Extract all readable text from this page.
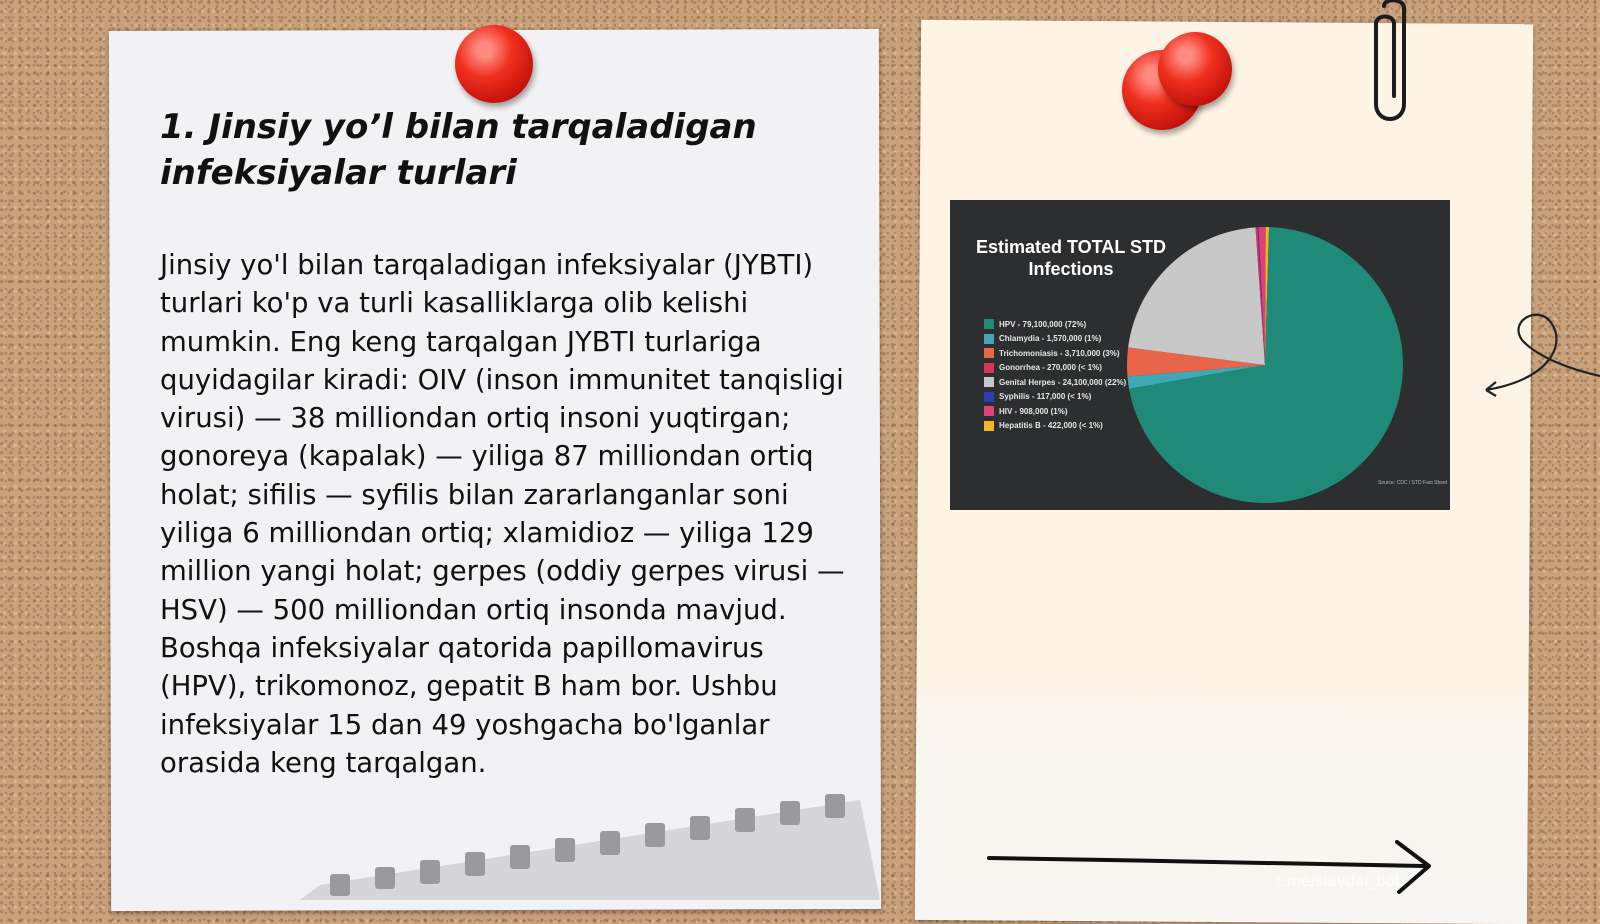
1. Jinsiy yo’l bilan tarqaladigan infeksiyalar turlari

Jinsiy yo'l bilan tarqaladigan infeksiyalar (JYBTI) turlari ko'p va turli kasalliklarga olib kelishi mumkin. Eng keng tarqalgan JYBTI turlariga quyidagilar kiradi: OIV (inson immunitet tanqisligi virusi) — 38 milliondan ortiq insoni yuqtirgan; gonoreya (kapalak) — yiliga 87 milliondan ortiq holat; sifilis — syfilis bilan zararlanganlar soni yiliga 6 milliondan ortiq; xlamidioz — yiliga 129 million yangi holat; gerpes (oddiy gerpes virusi — HSV) — 500 milliondan ortiq insonda mavjud. Boshqa infeksiyalar qatorida papillomavirus (HPV), trikomonoz, gepatit B ham bor. Ushbu infeksiyalar 15 dan 49 yoshgacha bo'lganlar orasida keng tarqalgan.

Estimated TOTAL STD Infections
HPV - 79,100,000 (72%)
Chlamydia - 1,570,000 (1%)
Trichomoniasis - 3,710,000 (3%)
Gonorrhea - 270,000 (< 1%)
Genital Herpes - 24,100,000 (22%)
Syphilis - 117,000 (< 1%)
HIV - 908,000 (1%)
Hepatitis B - 422,000 (< 1%)
Source: CDC / STD Fact Sheet
t.me/slaydai_bot
